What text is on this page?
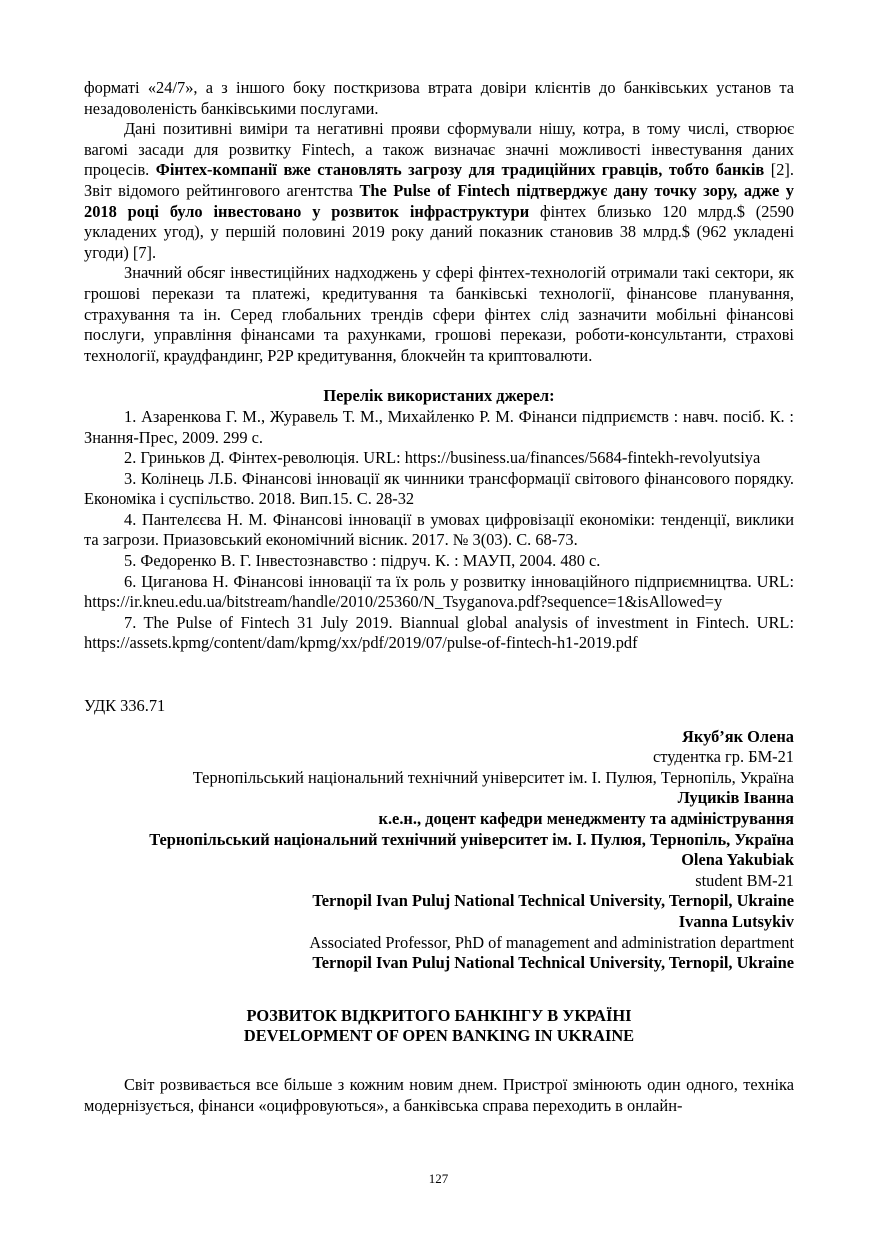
форматі «24/7», а з іншого боку посткризова втрата довіри клієнтів до банківських установ та незадоволеність банківськими послугами.

Дані позитивні виміри та негативні прояви сформували нішу, котра, в тому числі, створює вагомі засади для розвитку Fintech, а також визначає значні можливості інвестування даних процесів. Фінтех-компанії вже становлять загрозу для традиційних гравців, тобто банків [2]. Звіт відомого рейтингового агентства The Pulse of Fintech підтверджує дану точку зору, адже у 2018 році було інвестовано у розвиток інфраструктури фінтех близько 120 млрд.$ (2590 укладених угод), у першій половині 2019 року даний показник становив 38 млрд.$ (962 укладені угоди) [7].

Значний обсяг інвестиційних надходжень у сфері фінтех-технологій отримали такі сектори, як грошові перекази та платежі, кредитування та банківські технології, фінансове планування, страхування та ін. Серед глобальних трендів сфери фінтех слід зазначити мобільні фінансові послуги, управління фінансами та рахунками, грошові перекази, роботи-консультанти, страхові технології, краудфандинг, P2P кредитування, блокчейн та криптовалюти.

Перелік використаних джерел:

1. Азаренкова Г. М., Журавель Т. М., Михайленко Р. М. Фінанси підприємств : навч. посіб. К. : Знання-Прес, 2009. 299 с.

2. Гриньков Д. Фінтех-революція. URL: https://business.ua/finances/5684-fintekh-revolyutsiya

3. Колінець Л.Б. Фінансові інновації як чинники трансформації світового фінансового порядку. Економіка і суспільство. 2018. Вип.15. С. 28-32

4. Пантелєєва Н. М. Фінансові інновації в умовах цифровізації економіки: тенденції, виклики та загрози. Приазовський економічний вісник. 2017. № 3(03). С. 68-73.

5. Федоренко В. Г. Інвестознавство : підруч. К. : МАУП, 2004. 480 с.

6. Циганова Н. Фінансові інновації та їх роль у розвитку інноваційного підприємництва. URL: https://ir.kneu.edu.ua/bitstream/handle/2010/25360/N_Tsyganova.pdf?sequence=1&isAllowed=y

7. The Pulse of Fintech 31 July 2019. Biannual global analysis of investment in Fintech. URL: https://assets.kpmg/content/dam/kpmg/xx/pdf/2019/07/pulse-of-fintech-h1-2019.pdf

УДК 336.71

Якуб’як Олена
студентка гр. БМ-21
Тернопільський національний технічний університет ім. І. Пулюя, Тернопіль, Україна
Луциків Іванна
к.е.н., доцент кафедри менеджменту та адміністрування
Тернопільський національний технічний університет ім. І. Пулюя, Тернопіль, Україна
Olena Yakubiak
student BM-21
Ternopil Ivan Puluj National Technical University, Ternopil, Ukraine
Ivanna Lutsykiv
Associated Professor, PhD of management and administration department
Ternopil Ivan Puluj National Technical University, Ternopil, Ukraine
РОЗВИТОК ВІДКРИТОГО БАНКІНГУ В УКРАЇНІ
DEVELOPMENT OF OPEN BANKING IN UKRAINE

Світ розвивається все більше з кожним новим днем. Пристрої змінюють один одного, техніка модернізується, фінанси «оцифровуються», а банківська справа переходить в онлайн-

127
